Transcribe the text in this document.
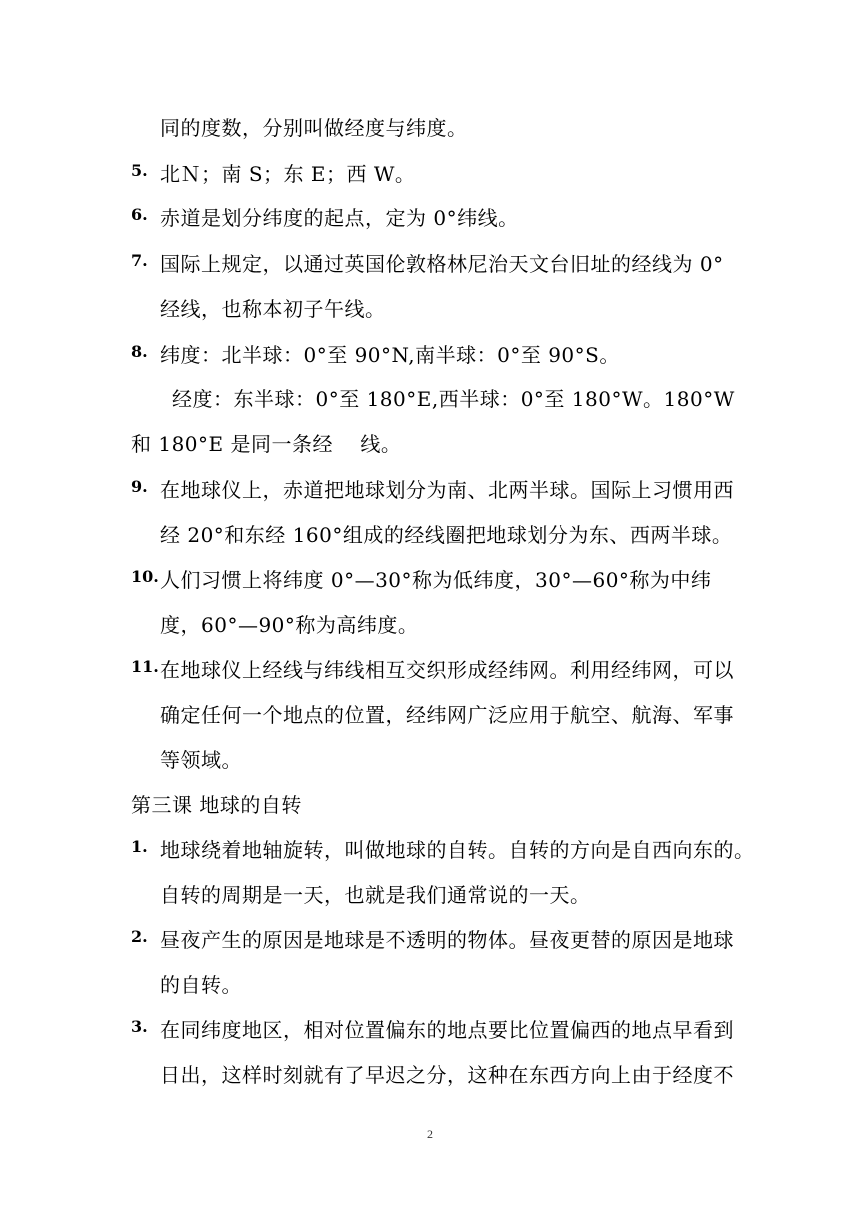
同的度数，分别叫做经度与纬度。
5. 北Ｎ；南 S；东 E；西 W。
6. 赤道是划分纬度的起点，定为 0°纬线。
7. 国际上规定，以通过英国伦敦格林尼治天文台旧址的经线为 0°
经线，也称本初子午线。
8. 纬度：北半球：0°至 90°N,南半球：0°至 90°S。
经度：东半球：0°至 180°E,西半球：0°至 180°W。180°W
和 180°E 是同一条经　 线。
9. 在地球仪上，赤道把地球划分为南、北两半球。国际上习惯用西
经 20°和东经 160°组成的经线圈把地球划分为东、西两半球。
10. 人们习惯上将纬度 0°—30°称为低纬度，30°—60°称为中纬
度，60°—90°称为高纬度。
11. 在地球仪上经线与纬线相互交织形成经纬网。利用经纬网，可以
确定任何一个地点的位置，经纬网广泛应用于航空、航海、军事
等领域。
第三课 地球的自转
1. 地球绕着地轴旋转，叫做地球的自转。自转的方向是自西向东的。
自转的周期是一天，也就是我们通常说的一天。
2. 昼夜产生的原因是地球是不透明的物体。昼夜更替的原因是地球
的自转。
3. 在同纬度地区，相对位置偏东的地点要比位置偏西的地点早看到
日出，这样时刻就有了早迟之分，这种在东西方向上由于经度不
2
